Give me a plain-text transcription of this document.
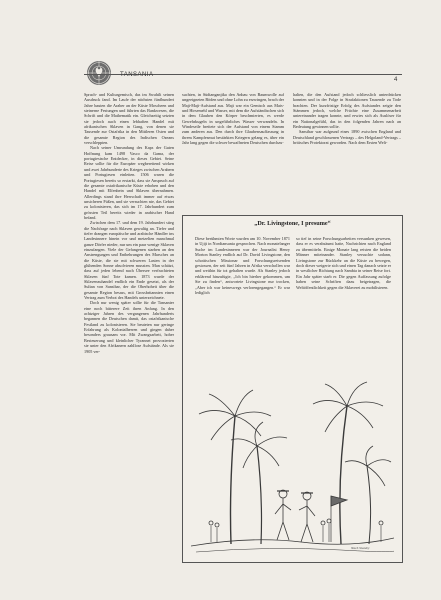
TANSANIA
4

Sprach- und Kulturgemisch, das im Swahili seinen Ausdruck fand. Im Laufe der nächsten fünfhundert Jahre bauten die Araber an der Küste Moscheen und steinerne Festungen und führten das Bankwesen, die Schrift und die Mathematik ein. Gleichzeitig setzten sie jedoch auch einen lebhaften Handel mit afrikanischen Sklaven in Gang, von denen sie Tausende zur Ostafrika in den Mittleren Osten und die gesamte Region des Indischen Ozeans verschleppten.

Nach seiner Umrundung des Kaps der Guten Hoffnung kam 1498 Vasco da Gama, der portugiesische Entdecker, in dieses Gebiet. Seine Reise sollte für die Europäer wegbereitend wirken und zwei Jahrhunderte des Krieges zwischen Arabern und Portugiesen einleiten. 1506 waren die Portugiesen bereits so erstarkt, dass sie Anspruch auf die gesamte ostafrikanische Küste erhoben und den Handel mit Elfenbein und Sklaven übernahmen. Allerdings stand ihre Herrschaft immer auf etwas unsicheren Füßen, und sie versuchten nie, das Gebiet zu kolonisieren, das sich im 17. Jahrhundert zum grössten Teil bereits wieder in arabischer Hand befand.

Zwischen dem 17. und dem 19. Jahrhundert stieg die Nachfrage nach Sklaven gewaltig an. Tiefer und tiefer drangen europäische und arabische Händler ins Landesinnere hinein vor und metzelten manchmal ganze Dörfer nieder, nur um ein paar wenige Sklaven einzufangen. Viele der Gefangenen starben an den Anstrengungen und Entbehrungen des Marsches an die Küste, die sie mit schweren Lasten in der glühenden Sonne absolvieren mussten. Man schätzt, dass auf jeden lebend nach Übersee verfrachteten Sklaven fünf Tote kamen. 1873 wurde der Sklavenzuhandel endlich ein Ende gesetzt, als der Sultan von Sansibar, der die Oberhoheit über die gesamte Region besass, mit Grossbritannien einen Vertrag zum Verbot des Handels unterzeichnete.

Doch nur wenig später sollte für die Tansanier eine noch bitterere Zeit ihren Anfang. In den achtziger Jahren des vergangenen Jahrhunderts begannen die Deutschen damit, das ostafrikanische Festland zu kolonisieren. Sie beuteten nur geringe Erfahrung als Kolonialherren und gingen daher besonders grausam vor. Mit Zwangsarbeit, hoher Besteuerung und kleinlicher Tyrannei provozierten sie unter den Afrikanern zahllose Aufstände. Als sie 1905 ver-

suchten, in Südtanganjika den Anbau von Baumwolle auf ungeeigneten Böden und ohne Lohn zu erzwingen, brach der Maji-Maji-Aufstand aus. Maji war ein Gemisch aus Mais- und Hirsemehl und Wasser, mit dem die Aufständischen sich in dem Glauben den Körper beschmierten, es werde Gewehrkugeln in ungefährliches Wasser verwandeln. In Windeseile breitete sich der Aufstand von einem Stamm zum anderen aus. Den durch ihre Glaubensauffassung in ihrem Kampfesmut bestärkten Kriegern gelang es, über ein Jahr lang gegen die schwer bewaffneten Deutschen durchzu-

halten, die den Aufstand jedoch schliesslich unterdrücken konnten und in der Folge in Strafaktionen Tausende zu Tode brachten. Der kurzfristige Erfolg des Aufstandes zeigte den Stämmen jedoch, welche Früchte eine Zusammenarbeit untereinander tragen konnte, und erwies sich als Auslöser für ein Nationalgefühl, das in den folgenden Jahren nach an Bedeutung gewinnen sollte.

Sansibar war aufgrund eines 1890 zwischen England und Deutschland geschlossenen Vertrags – des Helgoland-Vertrags – britisches Protektorat geworden. Nach dem Ersten Welt-

„Dr. Livingstone, I presume“

Diese berühmten Worte wurden am 10. November 1871 in Ujiji in Nordtansania gesprochen. Nach monatelanger Suche im Landesinneren war der Journalist Henry Morton Stanley endlich auf Dr. David Livingstone, den schottischen Missionar und Forschungsreisenden gestossen, der seit fünf Jahren in Afrika verschollen war und weithin für tot gehalten wurde. Als Stanley jedoch erklärend hinzufügte, „Ich bin hierher gekommen, um Sie zu finden“, antwortete Livingstone nur trocken, „Aber ich war keineswegs verlorengegangen.“ Er war lediglich

so tief in seine Forschungsarbeiten versunken gewesen, dass er es verabsäumt hatte, Nachrichten nach England zu übermitteln. Einige Monate lang reisten die beiden Männer miteinander. Stanley versuchte sodann, Livingstone zur Rückkehr an die Küste zu bewegen, doch dieser weigerte sich und einen Tag danach setzte er in westlicher Richtung nach Sambia in seiner Reise fort. Ein Jahr später starb er. Die gegen Auffassung zufolge haben seine Schriften dazu beigetragen, die Weltöffentlichkeit gegen die Sklaverei zu mobilisieren.

Nach Stanley
